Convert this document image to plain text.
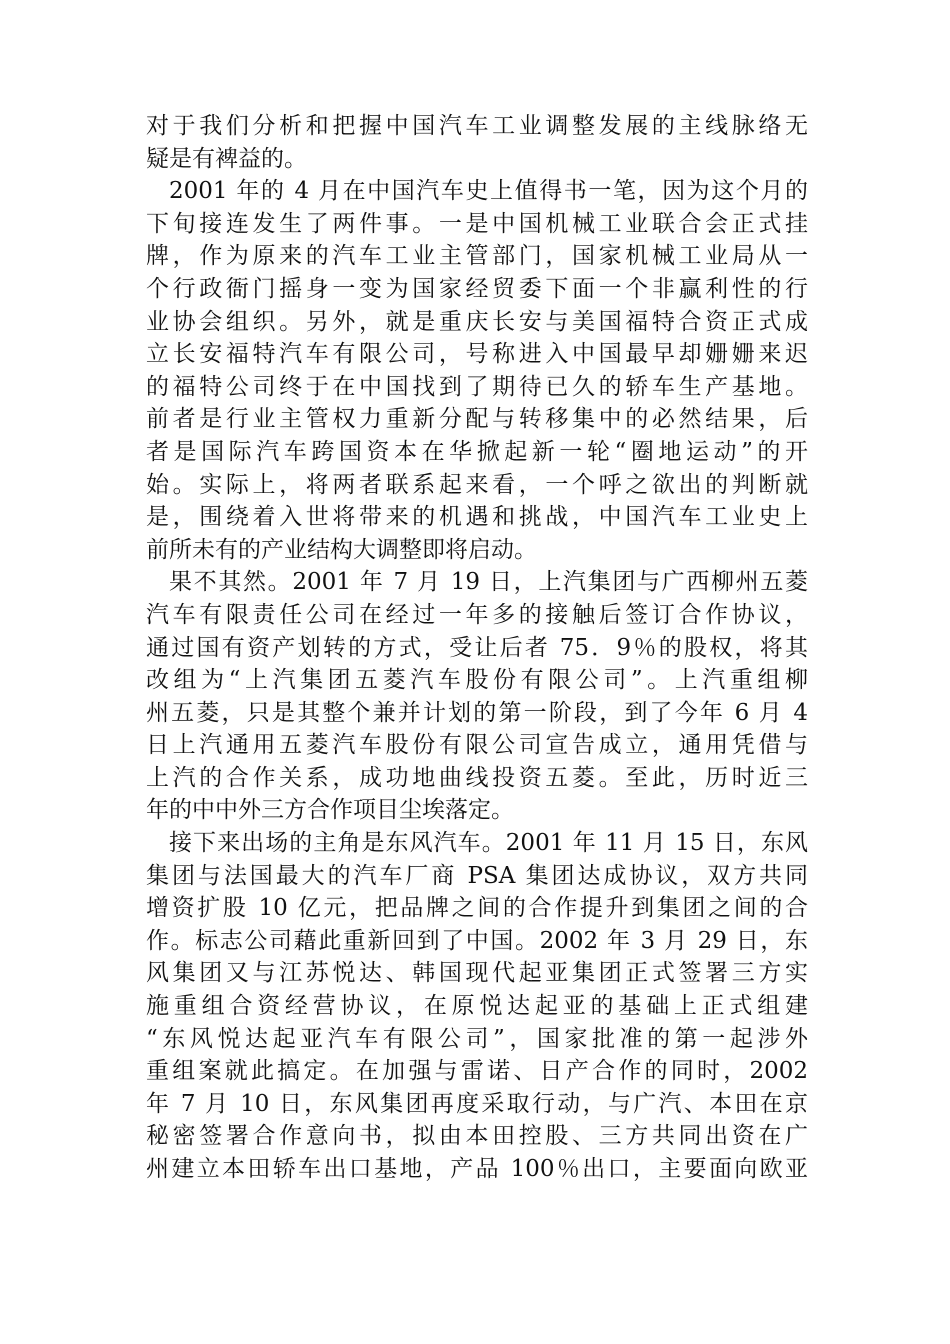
对于我们分析和把握中国汽车工业调整发展的主线脉络无
疑是有裨益的。
2001 年的 4 月在中国汽车史上值得书一笔，因为这个月的
下旬接连发生了两件事。一是中国机械工业联合会正式挂
牌，作为原来的汽车工业主管部门，国家机械工业局从一
个行政衙门摇身一变为国家经贸委下面一个非赢利性的行
业协会组织。另外，就是重庆长安与美国福特合资正式成
立长安福特汽车有限公司，号称进入中国最早却姗姗来迟
的福特公司终于在中国找到了期待已久的轿车生产基地。
前者是行业主管权力重新分配与转移集中的必然结果，后
者是国际汽车跨国资本在华掀起新一轮“圈地运动”的开
始。实际上，将两者联系起来看，一个呼之欲出的判断就
是，围绕着入世将带来的机遇和挑战，中国汽车工业史上
前所未有的产业结构大调整即将启动。
果不其然。2001 年 7 月 19 日，上汽集团与广西柳州五菱
汽车有限责任公司在经过一年多的接触后签订合作协议，
通过国有资产划转的方式，受让后者 75．9％的股权，将其
改组为“上汽集团五菱汽车股份有限公司”。上汽重组柳
州五菱，只是其整个兼并计划的第一阶段，到了今年 6 月 4
日上汽通用五菱汽车股份有限公司宣告成立，通用凭借与
上汽的合作关系，成功地曲线投资五菱。至此，历时近三
年的中中外三方合作项目尘埃落定。
接下来出场的主角是东风汽车。2001 年 11 月 15 日，东风
集团与法国最大的汽车厂商 PSA 集团达成协议，双方共同
增资扩股 10 亿元，把品牌之间的合作提升到集团之间的合
作。标志公司藉此重新回到了中国。2002 年 3 月 29 日，东
风集团又与江苏悦达、韩国现代起亚集团正式签署三方实
施重组合资经营协议，在原悦达起亚的基础上正式组建
“东风悦达起亚汽车有限公司”，国家批准的第一起涉外
重组案就此搞定。在加强与雷诺、日产合作的同时，2002
年 7 月 10 日，东风集团再度采取行动，与广汽、本田在京
秘密签署合作意向书，拟由本田控股、三方共同出资在广
州建立本田轿车出口基地，产品 100％出口，主要面向欧亚
